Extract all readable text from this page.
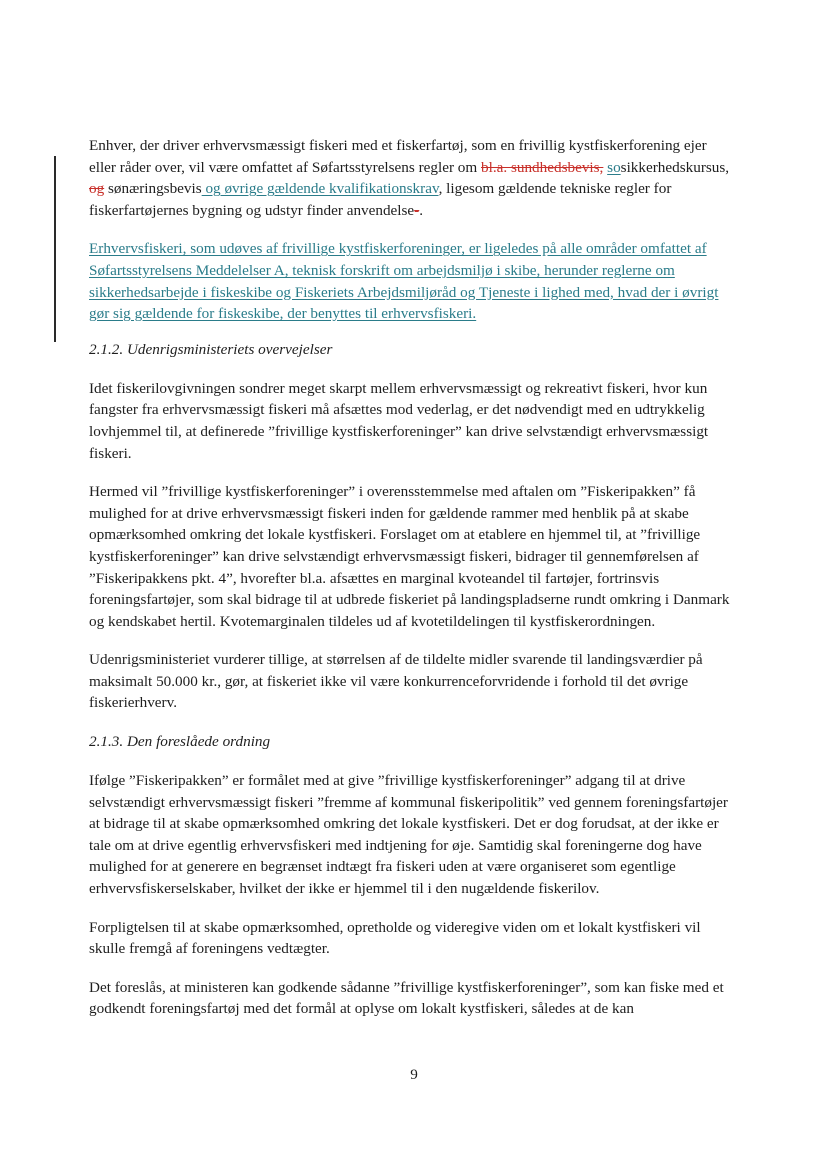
Enhver, der driver erhvervsmæssigt fiskeri med et fiskerfartøj, som en frivillig kystfiskerforening ejer eller råder over, vil være omfattet af Søfartsstyrelsens regler om bl.a. sundhedsbevis, sosikkerhedskursus, og sønæringsbevis og øvrige gældende kvalifikationskrav, ligesom gældende tekniske regler for fiskerfartøjernes bygning og udstyr finder anvendelse-.

Erhvervsfiskeri, som udøves af frivillige kystfiskerforeninger, er ligeledes på alle områder omfattet af Søfartsstyrelsens Meddelelser A, teknisk forskrift om arbejdsmiljø i skibe, herunder reglerne om sikkerhedsarbejde i fiskeskibe og Fiskeriets Arbejdsmiljøråd og Tjeneste i lighed med, hvad der i øvrigt gør sig gældende for fiskeskibe, der benyttes til erhvervsfiskeri.

2.1.2. Udenrigsministeriets overvejelser

Idet fiskerilovgivningen sondrer meget skarpt mellem erhvervsmæssigt og rekreativt fiskeri, hvor kun fangster fra erhvervsmæssigt fiskeri må afsættes mod vederlag, er det nødvendigt med en udtrykkelig lovhjemmel til, at definerede ”frivillige kystfiskerforeninger” kan drive selvstændigt erhvervsmæssigt fiskeri.

Hermed vil ”frivillige kystfiskerforeninger” i overensstemmelse med aftalen om ”Fiskeripakken” få mulighed for at drive erhvervsmæssigt fiskeri inden for gældende rammer med henblik på at skabe opmærksomhed omkring det lokale kystfiskeri. Forslaget om at etablere en hjemmel til, at ”frivillige kystfiskerforeninger” kan drive selvstændigt erhvervsmæssigt fiskeri, bidrager til gennemførelsen af ”Fiskeripakkens pkt. 4”, hvorefter bl.a. afsættes en marginal kvoteandel til fartøjer, fortrinsvis foreningsfartøjer, som skal bidrage til at udbrede fiskeriet på landingspladserne rundt omkring i Danmark og kendskabet hertil. Kvotemarginalen tildeles ud af kvotetildelingen til kystfiskerordningen.

Udenrigsministeriet vurderer tillige, at størrelsen af de tildelte midler svarende til landingsværdier på maksimalt 50.000 kr., gør, at fiskeriet ikke vil være konkurrenceforvridende i forhold til det øvrige fiskerierhverv.

2.1.3. Den foreslåede ordning

Ifølge ”Fiskeripakken” er formålet med at give ”frivillige kystfiskerforeninger” adgang til at drive selvstændigt erhvervsmæssigt fiskeri ”fremme af kommunal fiskeripolitik” ved gennem foreningsfartøjer at bidrage til at skabe opmærksomhed omkring det lokale kystfiskeri. Det er dog forudsat, at der ikke er tale om at drive egentlig erhvervsfiskeri med indtjening for øje. Samtidig skal foreningerne dog have mulighed for at generere en begrænset indtægt fra fiskeri uden at være organiseret som egentlige erhvervsfiskerselskaber, hvilket der ikke er hjemmel til i den nugældende fiskerilov.

Forpligtelsen til at skabe opmærksomhed, opretholde og videregive viden om et lokalt kystfiskeri vil skulle fremgå af foreningens vedtægter.

Det foreslås, at ministeren kan godkende sådanne ”frivillige kystfiskerforeninger”, som kan fiske med et godkendt foreningsfartøj med det formål at oplyse om lokalt kystfiskeri, således at de kan

9
